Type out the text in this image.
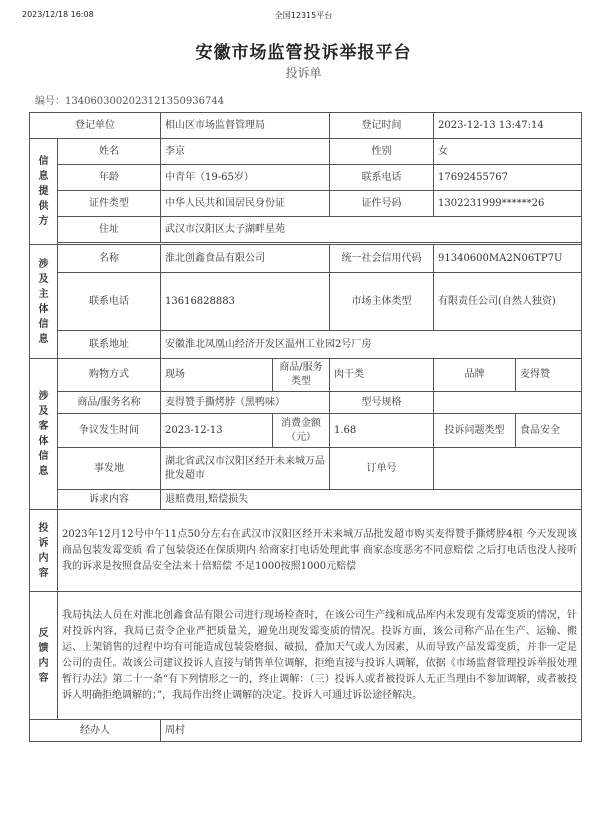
2023/12/18 16:08	全国12315平台
安徽市场监管投诉举报平台
投诉单
编号：13406030020231213509367​44
登记单位		相山区市场监督管理局		登记时间	2023-12-13 13:47:14	

信息提供方	姓名	李京		性别	女	
	年龄	中青年（19-65岁）		联系电话	17692455767	
	证件类型	中华人民共和国居民身份证		证件号码	1302231999******26	
	住址	武汉市汉阳区太子湖畔星苑				

涉及主体信息	名称	淮北创鑫食品有限公司		统一社会信用代码	91340600MA2N06TP7U	
	联系电话	13616828883		市场主体类型	有限责任公司(自然人独资)	
	联系地址	安徽淮北凤凰山经济开发区温州工业园2号厂房				

涉及客体信息	购物方式	现场	商品/服务类型	肉干类	品牌	麦得赞
	商品/服务名称	麦得赞手撕烤脖（黑鸭味）		型号规格		
	争议发生时间	2023-12-13	消费金额（元）	1.68	投诉问题类型	食品安全
	事发地	湖北省武汉市汉阳区经开未来城万品批发超市		订单号		
	诉求内容	退赔费用,赔偿损失				

投诉内容	2023年12月12号中午11点50分左右在武汉市汉阳区经开未来城万品批发超市购买麦得赞手撕烤脖4根 今天发现该商品包装发霉变质 看了包装袋还在保质期内 给商家打电话处理此事 商家态度恶劣不同意赔偿 之后打电话也没人接听 我的诉求是按照食品安全法来十倍赔偿 不足1000按照1000元赔偿					

反馈内容	我局执法人员在对淮北创鑫食品有限公司进行现场检查时，在该公司生产线和成品库内未发现有发霉变质的情况，针对投诉内容，我局已责令企业严把质量关，避免出现发霉变质的情况。投诉方面，该公司称产品在生产、运输、搬运、上架销售的过程中均有可能造成包装袋磨损、破损，叠加天气或人为因素，从而导致产品发霉变质，并非一定是公司的责任。故该公司建议投诉人直接与销售单位调解，拒绝直接与投诉人调解，依据《市场监督管理投诉举报处理暂行办法》第二十一条“有下列情形之一的，终止调解：（三）投诉人或者被投诉人无正当理由不参加调解，或者被投诉人明确拒绝调解的；”，我局作出终止调解的决定。投诉人可通过诉讼途径解决。					
经办人		周村				
